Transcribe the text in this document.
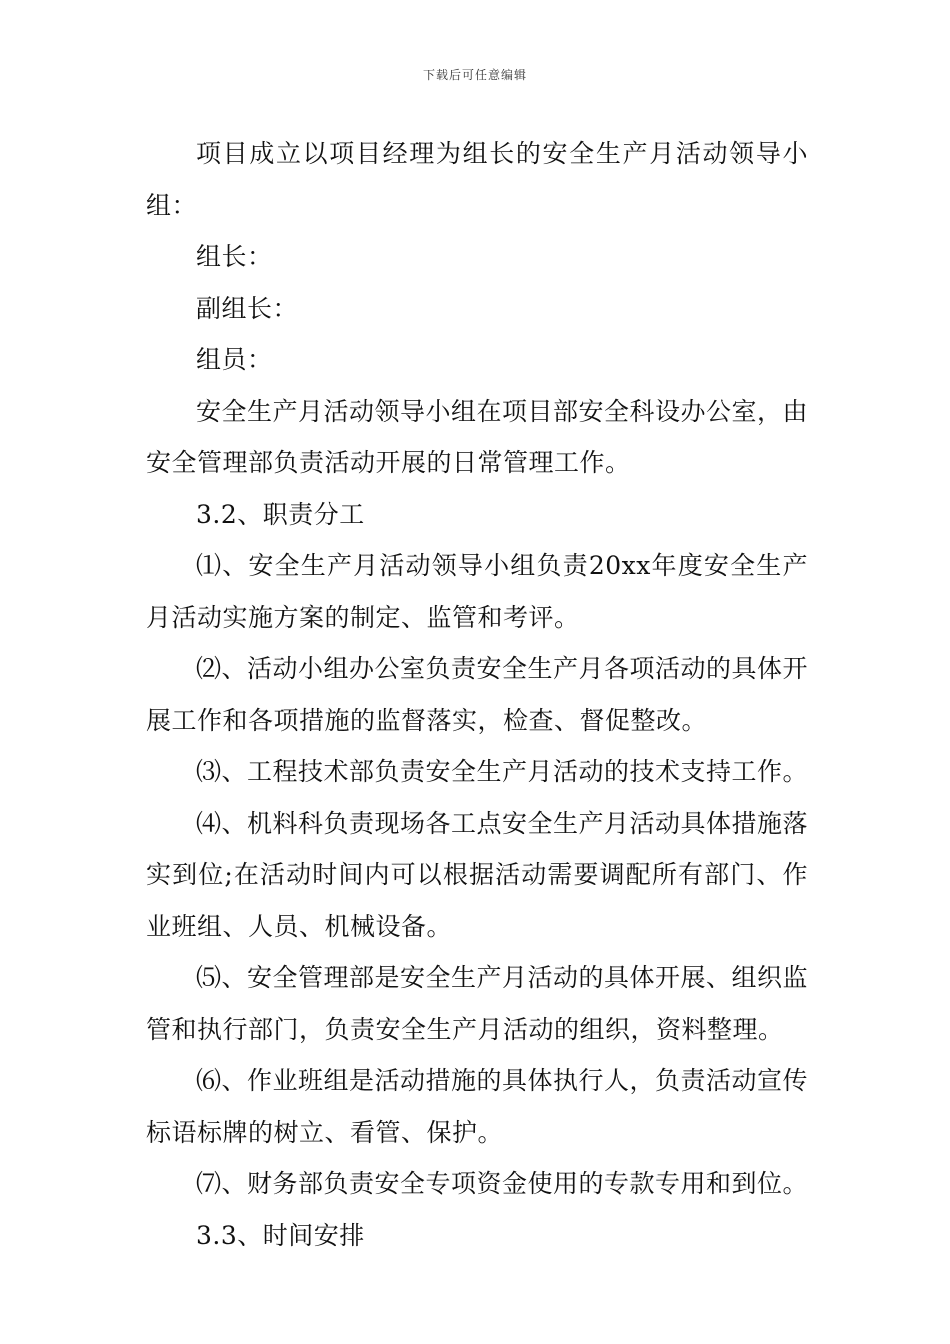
下载后可任意编辑

项目成立以项目经理为组长的安全生产月活动领导小组：

组长：

副组长：

组员：

安全生产月活动领导小组在项目部安全科设办公室，由安全管理部负责活动开展的日常管理工作。

3.2、职责分工

⑴、安全生产月活动领导小组负责20xx年度安全生产月活动实施方案的制定、监管和考评。

⑵、活动小组办公室负责安全生产月各项活动的具体开展工作和各项措施的监督落实，检查、督促整改。

⑶、工程技术部负责安全生产月活动的技术支持工作。

⑷、机料科负责现场各工点安全生产月活动具体措施落实到位;在活动时间内可以根据活动需要调配所有部门、作业班组、人员、机械设备。

⑸、安全管理部是安全生产月活动的具体开展、组织监管和执行部门，负责安全生产月活动的组织，资料整理。

⑹、作业班组是活动措施的具体执行人，负责活动宣传标语标牌的树立、看管、保护。

⑺、财务部负责安全专项资金使用的专款专用和到位。

3.3、时间安排
